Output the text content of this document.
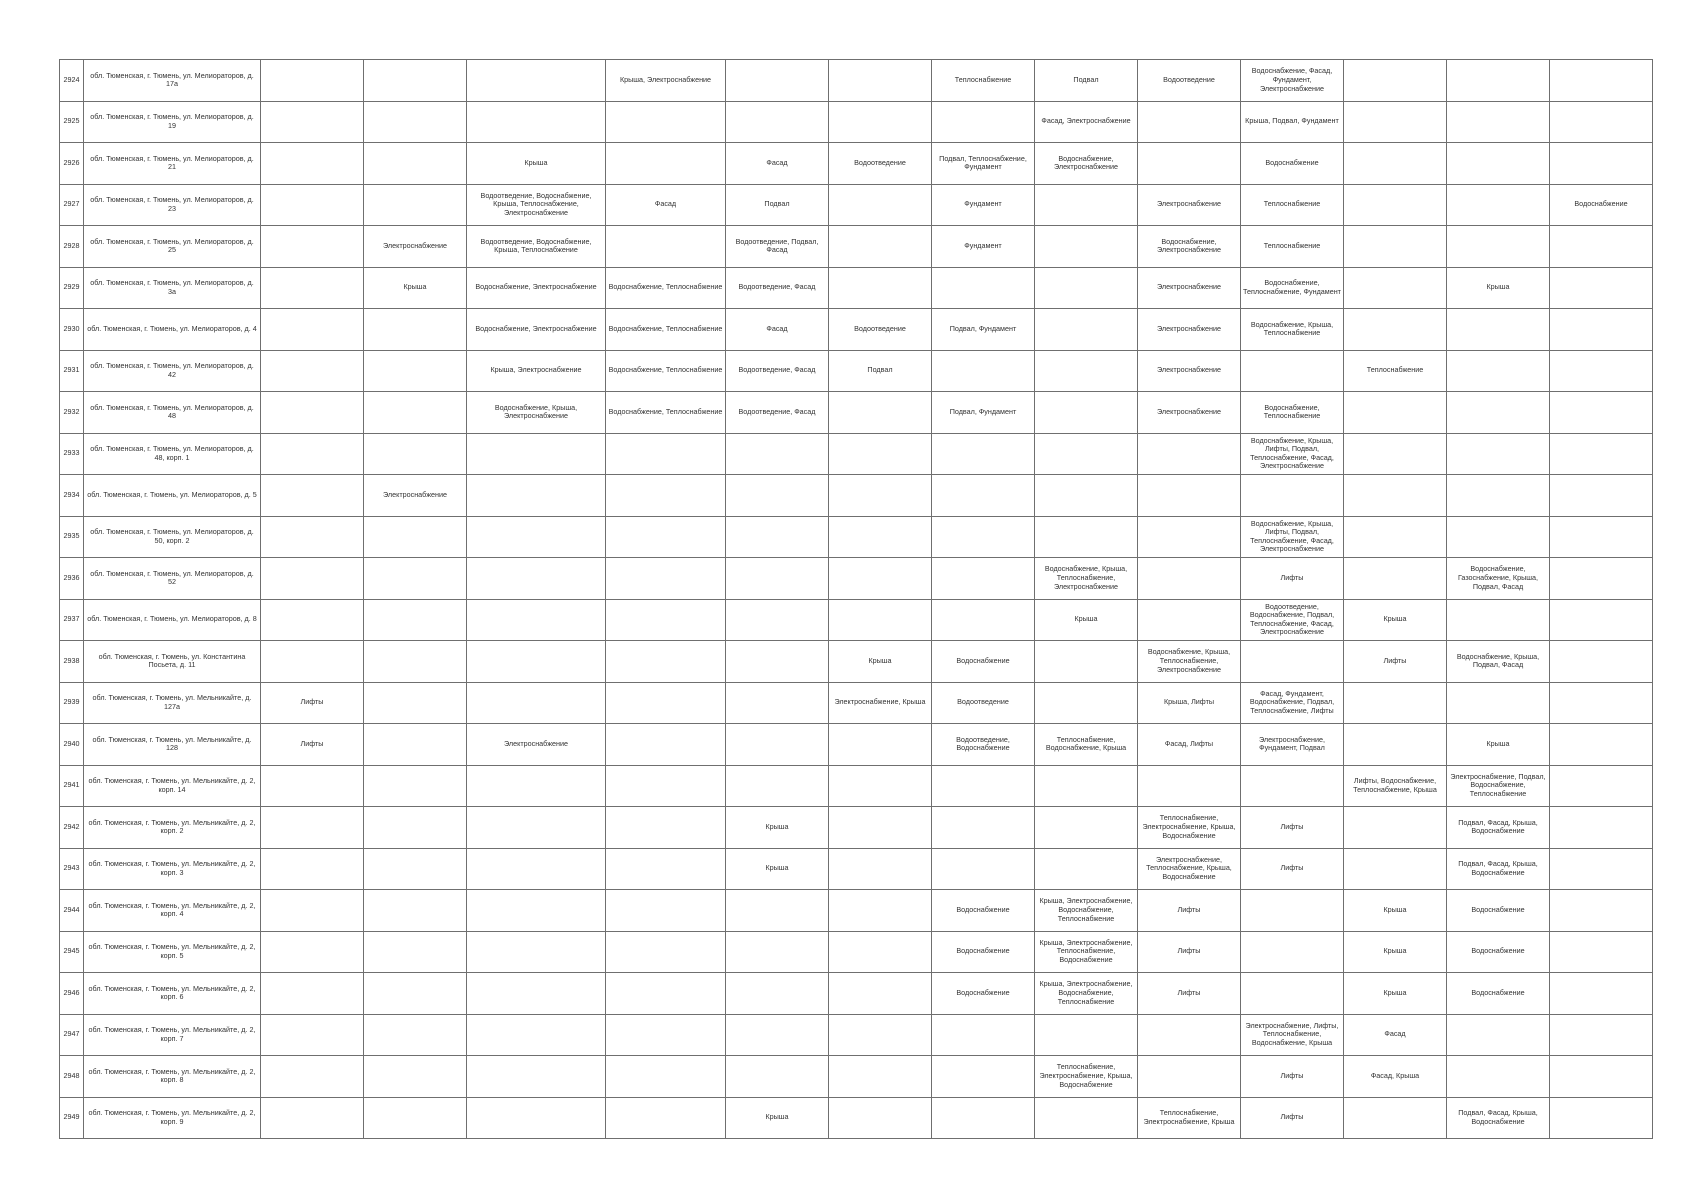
2924	обл. Тюменская, г. Тюмень, ул. Мелиораторов, д. 17а				Крыша, Электроснабжение			Теплоснабжение	Подвал	Водоотведение	Водоснабжение, Фасад, Фундамент, Электроснабжение			
2925	обл. Тюменская, г. Тюмень, ул. Мелиораторов, д. 19								Фасад, Электроснабжение		Крыша, Подвал, Фундамент			
2926	обл. Тюменская, г. Тюмень, ул. Мелиораторов, д. 21			Крыша		Фасад	Водоотведение	Подвал, Теплоснабжение, Фундамент	Водоснабжение, Электроснабжение		Водоснабжение			
2927	обл. Тюменская, г. Тюмень, ул. Мелиораторов, д. 23			Водоотведение, Водоснабжение, Крыша, Теплоснабжение, Электроснабжение	Фасад	Подвал		Фундамент		Электроснабжение	Теплоснабжение			Водоснабжение
2928	обл. Тюменская, г. Тюмень, ул. Мелиораторов, д. 25		Электроснабжение	Водоотведение, Водоснабжение, Крыша, Теплоснабжение		Водоотведение, Подвал, Фасад		Фундамент		Водоснабжение, Электроснабжение	Теплоснабжение			
2929	обл. Тюменская, г. Тюмень, ул. Мелиораторов, д. 3а		Крыша	Водоснабжение, Электроснабжение	Водоснабжение, Теплоснабжение	Водоотведение, Фасад				Электроснабжение	Водоснабжение, Теплоснабжение, Фундамент		Крыша	
2930	обл. Тюменская, г. Тюмень, ул. Мелиораторов, д. 4			Водоснабжение, Электроснабжение	Водоснабжение, Теплоснабжение	Фасад	Водоотведение	Подвал, Фундамент		Электроснабжение	Водоснабжение, Крыша, Теплоснабжение			
2931	обл. Тюменская, г. Тюмень, ул. Мелиораторов, д. 42			Крыша, Электроснабжение	Водоснабжение, Теплоснабжение	Водоотведение, Фасад	Подвал			Электроснабжение		Теплоснабжение		
2932	обл. Тюменская, г. Тюмень, ул. Мелиораторов, д. 48			Водоснабжение, Крыша, Электроснабжение	Водоснабжение, Теплоснабжение	Водоотведение, Фасад		Подвал, Фундамент		Электроснабжение	Водоснабжение, Теплоснабжение			
2933	обл. Тюменская, г. Тюмень, ул. Мелиораторов, д. 48, корп. 1										Водоснабжение, Крыша, Лифты, Подвал, Теплоснабжение, Фасад, Электроснабжение			
2934	обл. Тюменская, г. Тюмень, ул. Мелиораторов, д. 5		Электроснабжение											
2935	обл. Тюменская, г. Тюмень, ул. Мелиораторов, д. 50, корп. 2										Водоснабжение, Крыша, Лифты, Подвал, Теплоснабжение, Фасад, Электроснабжение			
2936	обл. Тюменская, г. Тюмень, ул. Мелиораторов, д. 52								Водоснабжение, Крыша, Теплоснабжение, Электроснабжение		Лифты		Водоснабжение, Газоснабжение, Крыша, Подвал, Фасад	
2937	обл. Тюменская, г. Тюмень, ул. Мелиораторов, д. 8								Крыша		Водоотведение, Водоснабжение, Подвал, Теплоснабжение, Фасад, Электроснабжение	Крыша		
2938	обл. Тюменская, г. Тюмень, ул. Константина Посьета, д. 11						Крыша	Водоснабжение		Водоснабжение, Крыша, Теплоснабжение, Электроснабжение		Лифты	Водоснабжение, Крыша, Подвал, Фасад	
2939	обл. Тюменская, г. Тюмень, ул. Мельникайте, д. 127а	Лифты					Электроснабжение, Крыша	Водоотведение		Крыша, Лифты	Фасад, Фундамент, Водоснабжение, Подвал, Теплоснабжение, Лифты			
2940	обл. Тюменская, г. Тюмень, ул. Мельникайте, д. 128	Лифты		Электроснабжение				Водоотведение, Водоснабжение	Теплоснабжение, Водоснабжение, Крыша	Фасад, Лифты	Электроснабжение, Фундамент, Подвал		Крыша	
2941	обл. Тюменская, г. Тюмень, ул. Мельникайте, д. 2, корп. 14											Лифты, Водоснабжение, Теплоснабжение, Крыша	Электроснабжение, Подвал, Водоснабжение, Теплоснабжение	
2942	обл. Тюменская, г. Тюмень, ул. Мельникайте, д. 2, корп. 2					Крыша				Теплоснабжение, Электроснабжение, Крыша, Водоснабжение	Лифты		Подвал, Фасад, Крыша, Водоснабжение	
2943	обл. Тюменская, г. Тюмень, ул. Мельникайте, д. 2, корп. 3					Крыша				Электроснабжение, Теплоснабжение, Крыша, Водоснабжение	Лифты		Подвал, Фасад, Крыша, Водоснабжение	
2944	обл. Тюменская, г. Тюмень, ул. Мельникайте, д. 2, корп. 4							Водоснабжение	Крыша, Электроснабжение, Водоснабжение, Теплоснабжение	Лифты		Крыша	Водоснабжение	
2945	обл. Тюменская, г. Тюмень, ул. Мельникайте, д. 2, корп. 5							Водоснабжение	Крыша, Электроснабжение, Теплоснабжение, Водоснабжение	Лифты		Крыша	Водоснабжение	
2946	обл. Тюменская, г. Тюмень, ул. Мельникайте, д. 2, корп. 6							Водоснабжение	Крыша, Электроснабжение, Водоснабжение, Теплоснабжение	Лифты		Крыша	Водоснабжение	
2947	обл. Тюменская, г. Тюмень, ул. Мельникайте, д. 2, корп. 7										Электроснабжение, Лифты, Теплоснабжение, Водоснабжение, Крыша	Фасад		
2948	обл. Тюменская, г. Тюмень, ул. Мельникайте, д. 2, корп. 8								Теплоснабжение, Электроснабжение, Крыша, Водоснабжение		Лифты	Фасад, Крыша		
2949	обл. Тюменская, г. Тюмень, ул. Мельникайте, д. 2, корп. 9					Крыша				Теплоснабжение, Электроснабжение, Крыша	Лифты		Подвал, Фасад, Крыша, Водоснабжение	
